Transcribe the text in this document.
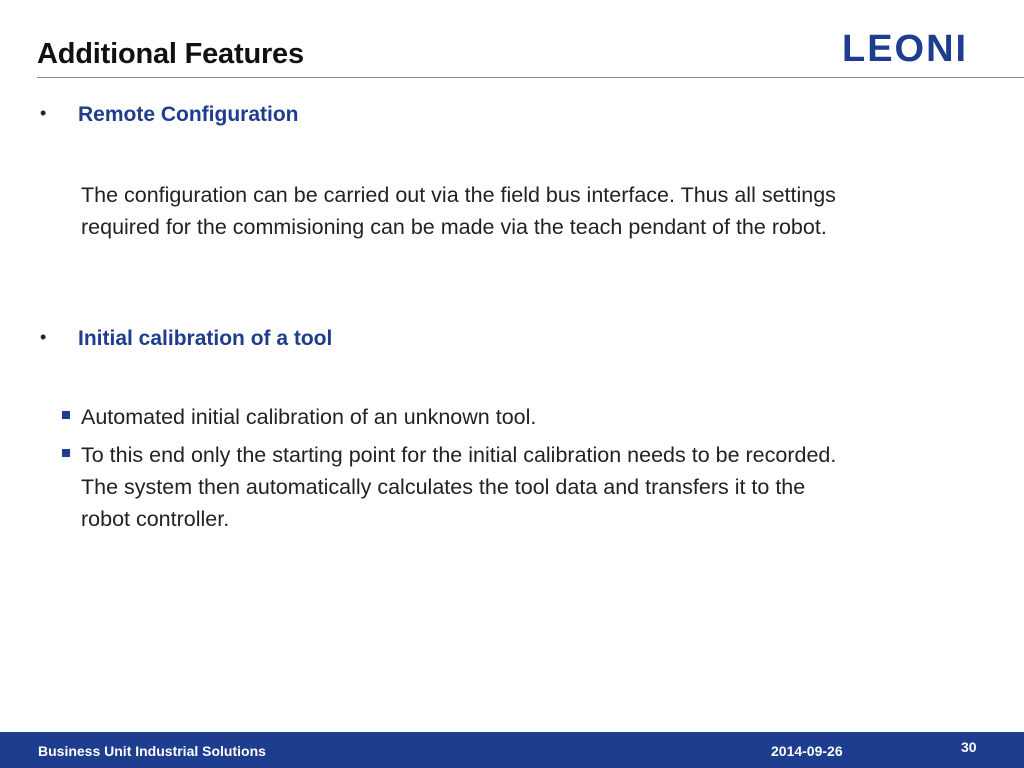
Additional Features	LEONI
• Remote Configuration
The configuration can be carried out via the field bus interface. Thus all settings
required for the commisioning can be made via the teach pendant of the robot.
• Initial calibration of a tool
Automated initial calibration of an unknown tool.
To this end only the starting point for the initial calibration needs to be recorded.
The system then automatically calculates the tool data and transfers it to the
robot controller.
Business Unit Industrial Solutions	2014-09-26	30
